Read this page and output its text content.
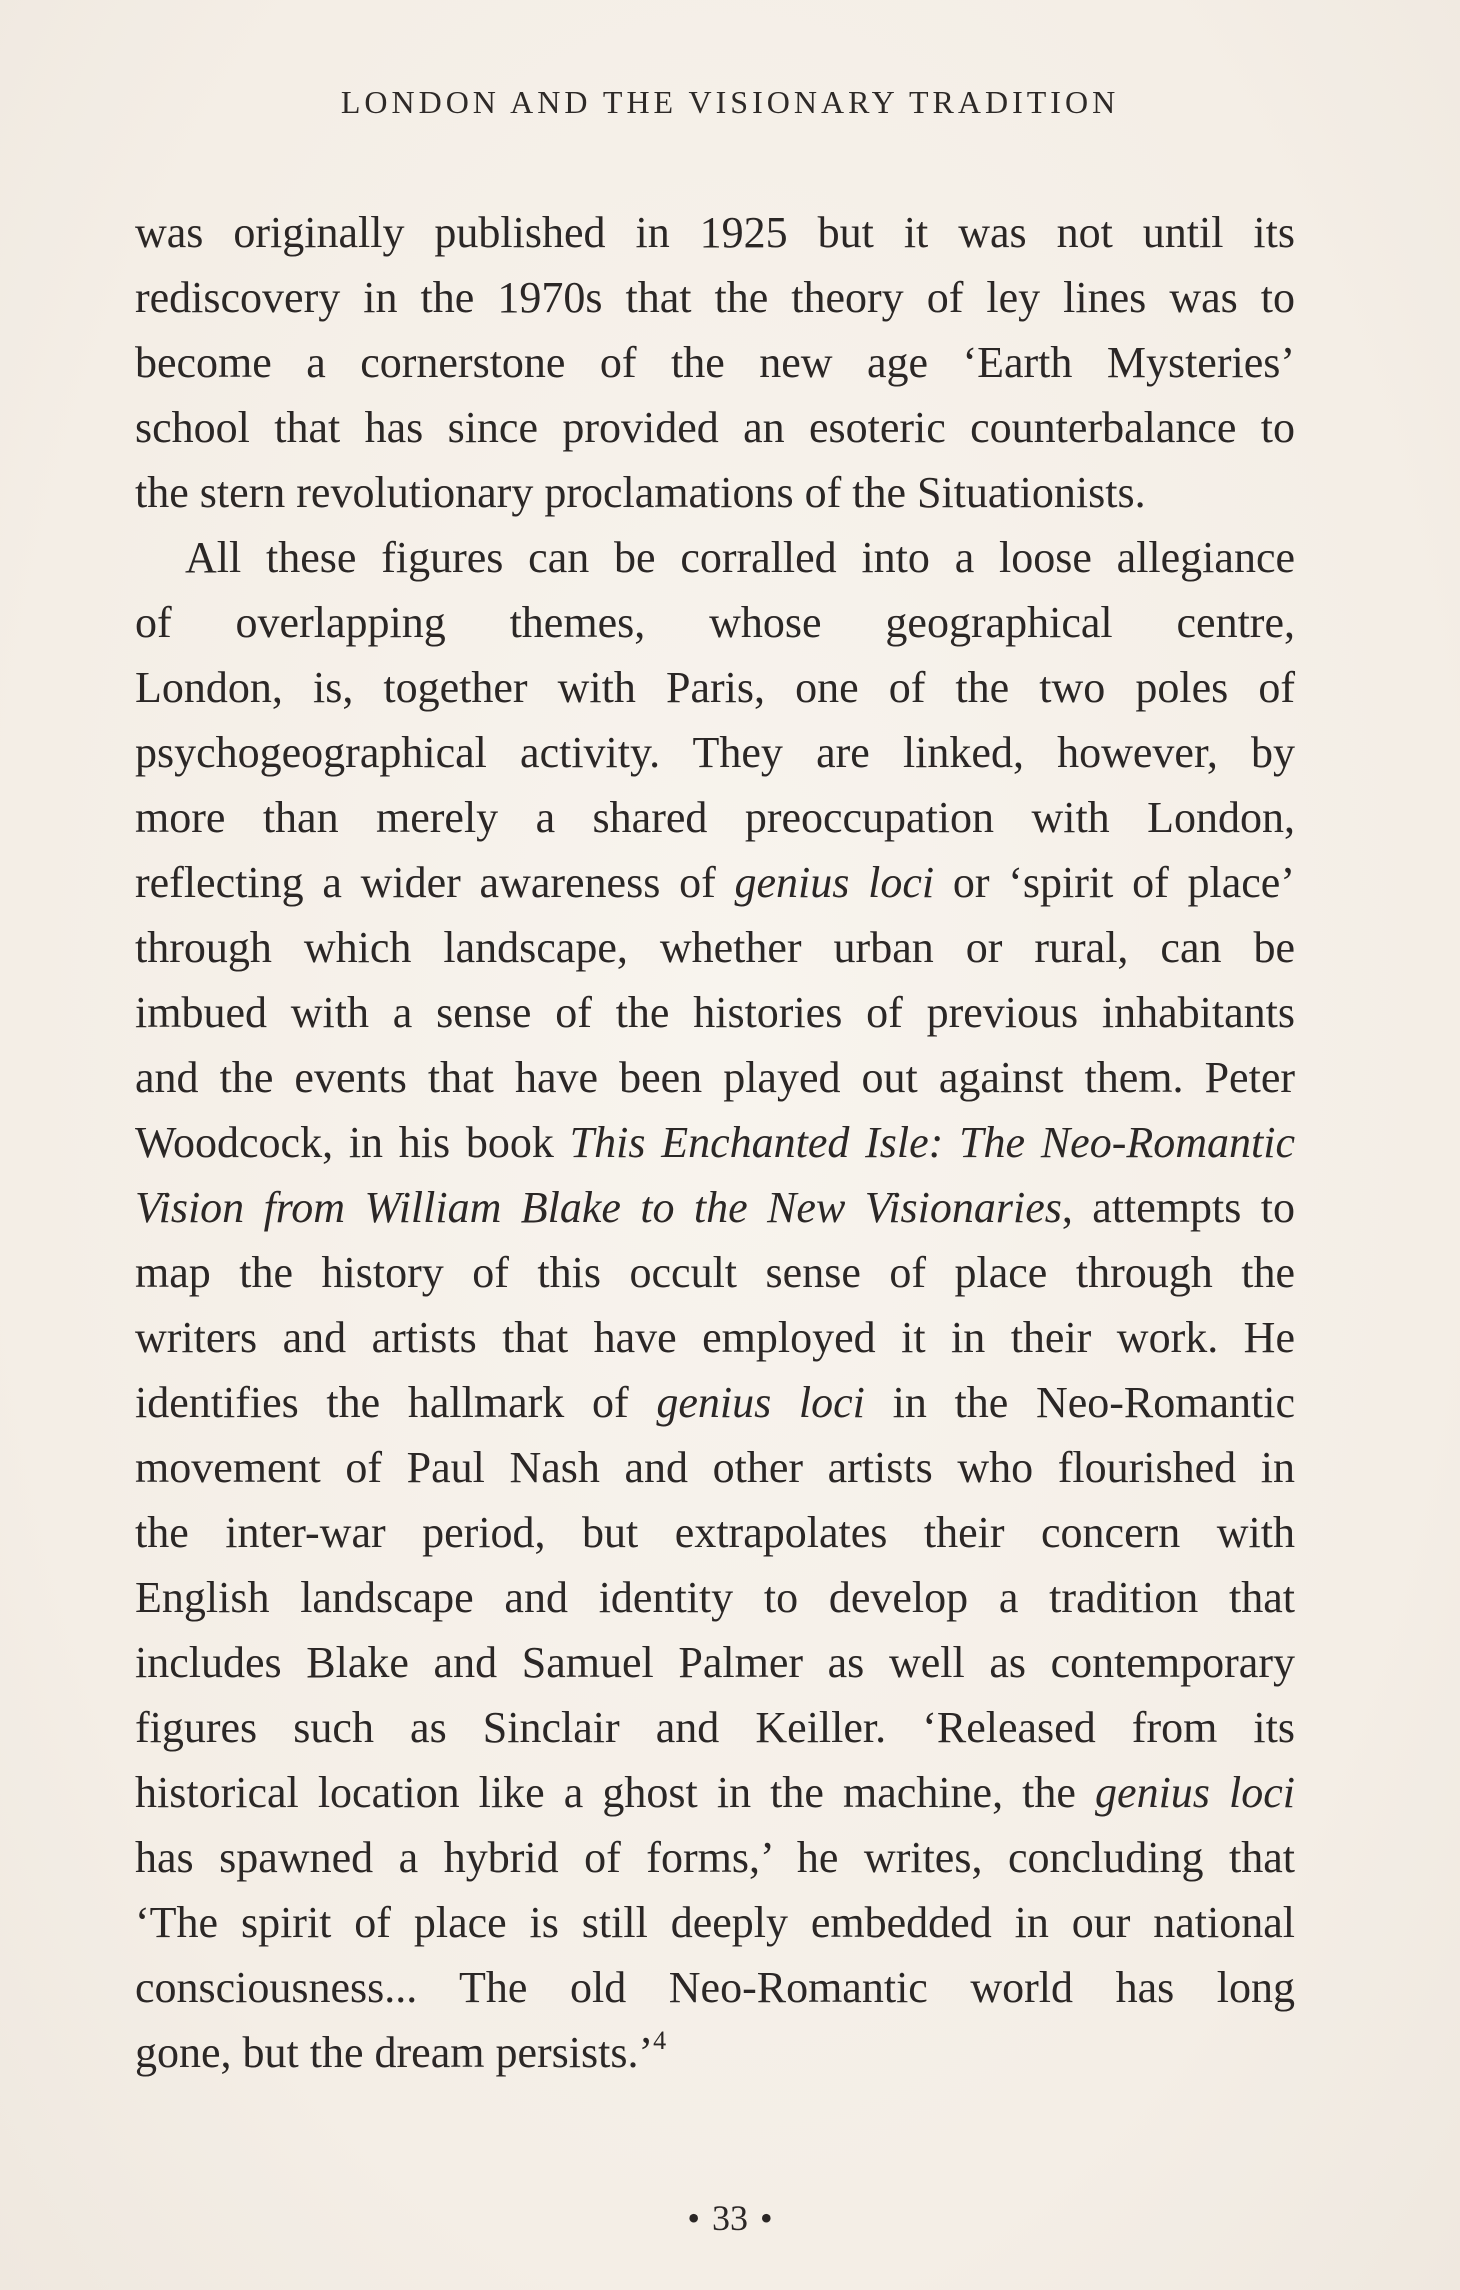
LONDON AND THE VISIONARY TRADITION
was originally published in 1925 but it was not until its
rediscovery in the 1970s that the theory of ley lines was to
become a cornerstone of the new age ‘Earth Mysteries’
school that has since provided an esoteric counterbalance to
the stern revolutionary proclamations of the Situationists.
All these figures can be corralled into a loose allegiance
of overlapping themes, whose geographical centre,
London, is, together with Paris, one of the two poles of
psychogeographical activity. They are linked, however, by
more than merely a shared preoccupation with London,
reflecting a wider awareness of genius loci or ‘spirit of place’
through which landscape, whether urban or rural, can be
imbued with a sense of the histories of previous inhabitants
and the events that have been played out against them. Peter
Woodcock, in his book This Enchanted Isle: The Neo-Romantic
Vision from William Blake to the New Visionaries, attempts to
map the history of this occult sense of place through the
writers and artists that have employed it in their work. He
identifies the hallmark of genius loci in the Neo-Romantic
movement of Paul Nash and other artists who flourished in
the inter-war period, but extrapolates their concern with
English landscape and identity to develop a tradition that
includes Blake and Samuel Palmer as well as contemporary
figures such as Sinclair and Keiller. ‘Released from its
historical location like a ghost in the machine, the genius loci
has spawned a hybrid of forms,’ he writes, concluding that
‘The spirit of place is still deeply embedded in our national
consciousness... The old Neo-Romantic world has long
gone, but the dream persists.’$^4$
• 33 •
